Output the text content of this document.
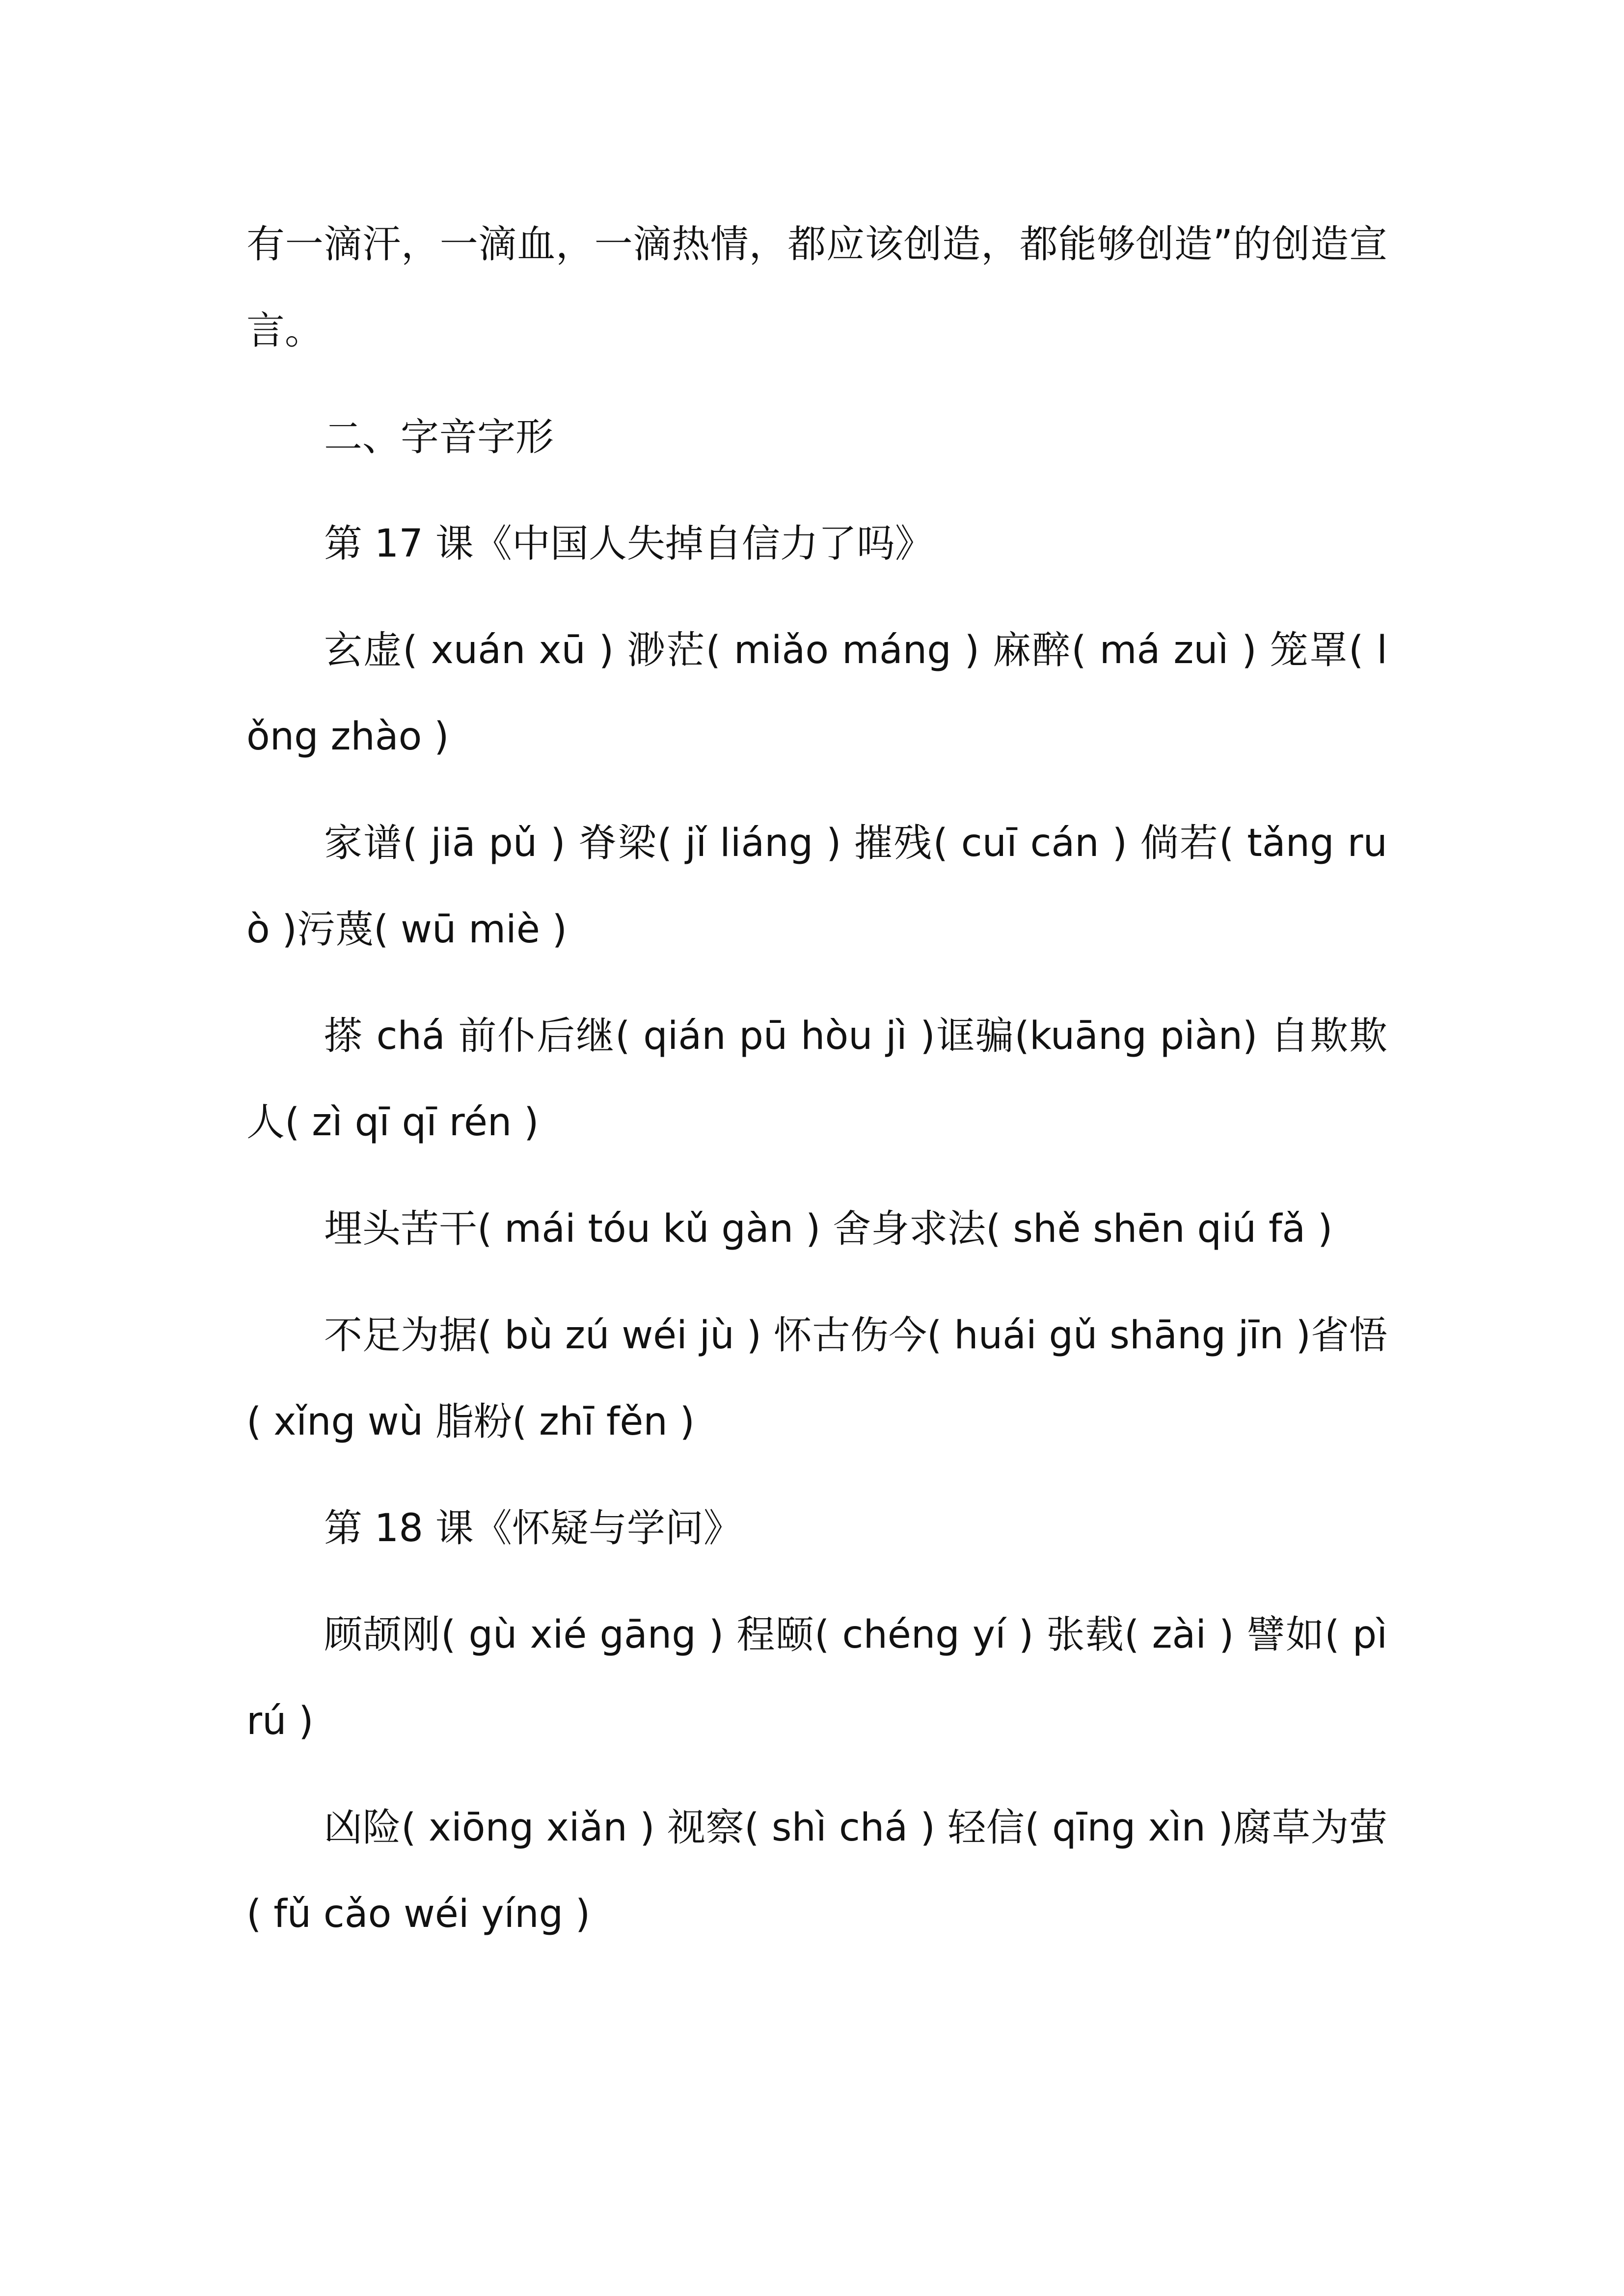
有一滴汗，一滴血，一滴热情，都应该创造，都能够创造”的创造宣言。

二、字音字形

第 17 课《中国人失掉自信力了吗》

玄虚( xuán xū ) 渺茫( miǎo máng ) 麻醉( má zuì ) 笼罩( lǒng zhào )

家谱( jiā pǔ ) 脊梁( jǐ liáng ) 摧残( cuī cán ) 倘若( tǎng ruò )污蔑( wū miè )

搽 chá 前仆后继( qián pū hòu jì )诓骗(kuāng piàn) 自欺欺人( zì qī qī rén )

埋头苦干( mái tóu kǔ gàn ) 舍身求法( shě shēn qiú fǎ )

不足为据( bù zú wéi jù ) 怀古伤今( huái gǔ shāng jīn )省悟( xǐng wù 脂粉( zhī fěn )

第 18 课《怀疑与学问》

顾颉刚( gù xié gāng ) 程颐( chéng yí ) 张载( zài ) 譬如( pì rú )

凶险( xiōng xiǎn ) 视察( shì chá ) 轻信( qīng xìn )腐草为萤( fǔ cǎo wéi yíng )
